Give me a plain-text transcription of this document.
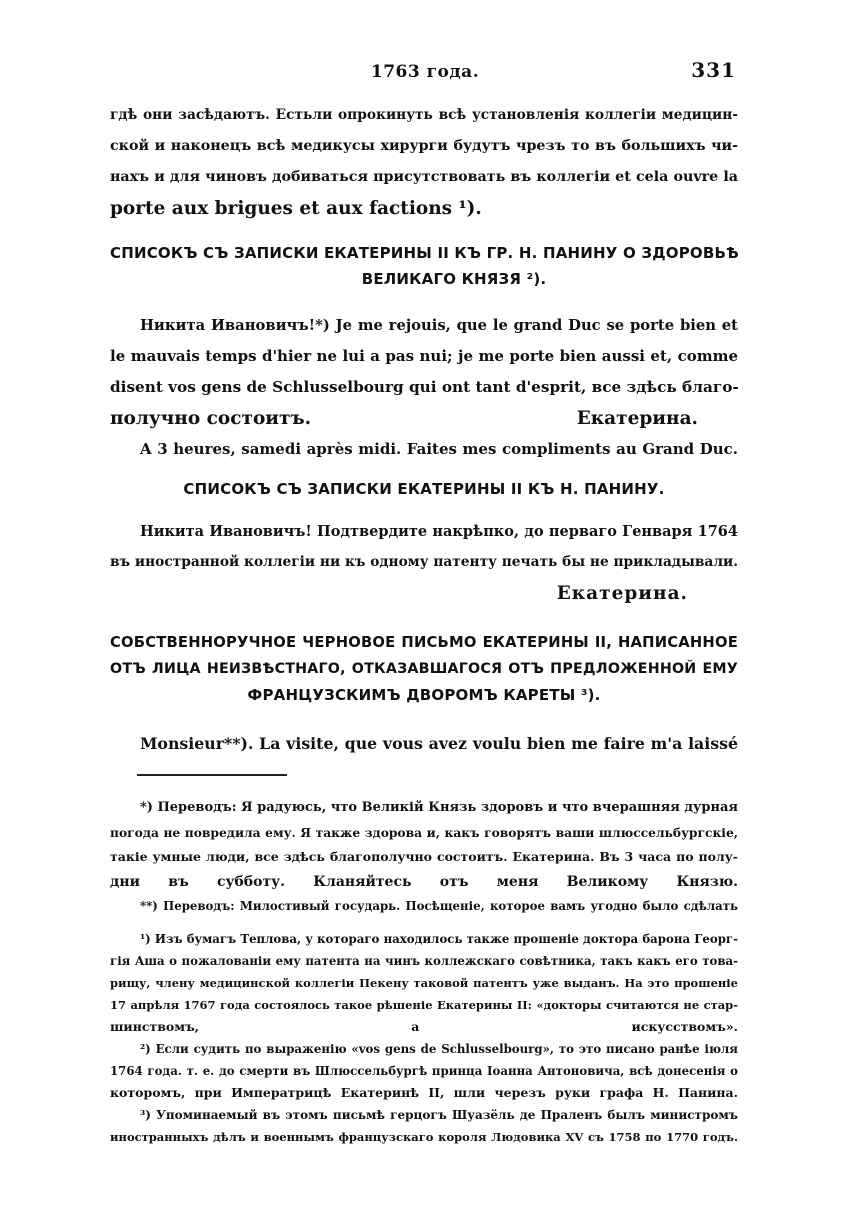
1763 года.	331
гдѣ они засѣдаютъ. Естьли опрокинуть всѣ установленія коллегіи медицин-
ской и наконецъ всѣ медикусы хирурги будутъ чрезъ то въ большихъ чи-
нахъ и для чиновъ добиваться присутствовать въ коллегіи et cela ouvre la
porte aux brigues et aux factions ¹).
СПИСОКЪ СЪ ЗАПИСКИ ЕКАТЕРИНЫ II КЪ ГР. Н. ПАНИНУ О ЗДОРОВЬѢ
ВЕЛИКАГО КНЯЗЯ ²).
Никита Ивановичъ!*) Je me rejouis, que le grand Duc se porte bien et
le mauvais temps d'hier ne lui a pas nui; je me porte bien aussi et, comme
disent vos gens de Schlusselbourg qui ont tant d'esprit, все здѣсь благо-
получно состоитъ.	Екатерина.
A 3 heures, samedi après midi. Faites mes compliments au Grand Duc.
СПИСОКЪ СЪ ЗАПИСКИ ЕКАТЕРИНЫ II КЪ Н. ПАНИНУ.
Никита Ивановичъ! Подтвердите накрѣпко, до перваго Генваря 1764
въ иностранной коллегіи ни къ одному патенту печать бы не прикладывали.
Екатерина.
СОБСТВЕННОРУЧНОЕ ЧЕРНОВОЕ ПИСЬМО ЕКАТЕРИНЫ II, НАПИСАННОЕ
ОТЪ ЛИЦА НЕИЗВѢСТНАГО, ОТКАЗАВШАГОСЯ ОТЪ ПРЕДЛОЖЕННОЙ ЕМУ
ФРАНЦУЗСКИМЪ ДВОРОМЪ КАРЕТЫ ³).
Monsieur**). La visite, que vous avez voulu bien me faire m'a laissé
*) Переводъ: Я радуюсь, что Великій Князь здоровъ и что вчерашняя дурная
погода не повредила ему. Я также здорова и, какъ говорятъ ваши шлюссельбургскіе,
такіе умные люди, все здѣсь благополучно состоитъ. Екатерина. Въ 3 часа по полу-
дни въ субботу. Кланяйтесь отъ меня Великому Князю.
**) Переводъ: Милостивый государь. Посѣщеніе, которое вамъ угодно было сдѣлать
¹) Изъ бумагъ Теплова, у котораго находилось также прошеніе доктора барона Георг-
гія Аша о пожалованіи ему патента на чинъ коллежскаго совѣтника, такъ какъ его това-
рищу, члену медицинской коллегіи Пекену таковой патентъ уже выданъ. На это прошеніе
17 апрѣля 1767 года состоялось такое рѣшеніе Екатерины II: «докторы считаются не стар-
шинствомъ, а искусствомъ».
²) Если судить по выраженію «vos gens de Schlusselbourg», то это писано ранѣе іюля
1764 года. т. е. до смерти въ Шлюссельбургѣ принца Іоанна Антоновича, всѣ донесенія о
которомъ, при Императрицѣ Екатеринѣ II, шли черезъ руки графа Н. Панина.
³) Упоминаемый въ этомъ письмѣ герцогъ Шуазёль де Праленъ былъ министромъ
иностранныхъ дѣлъ и военнымъ французскаго короля Людовика XV съ 1758 по 1770 годъ.
